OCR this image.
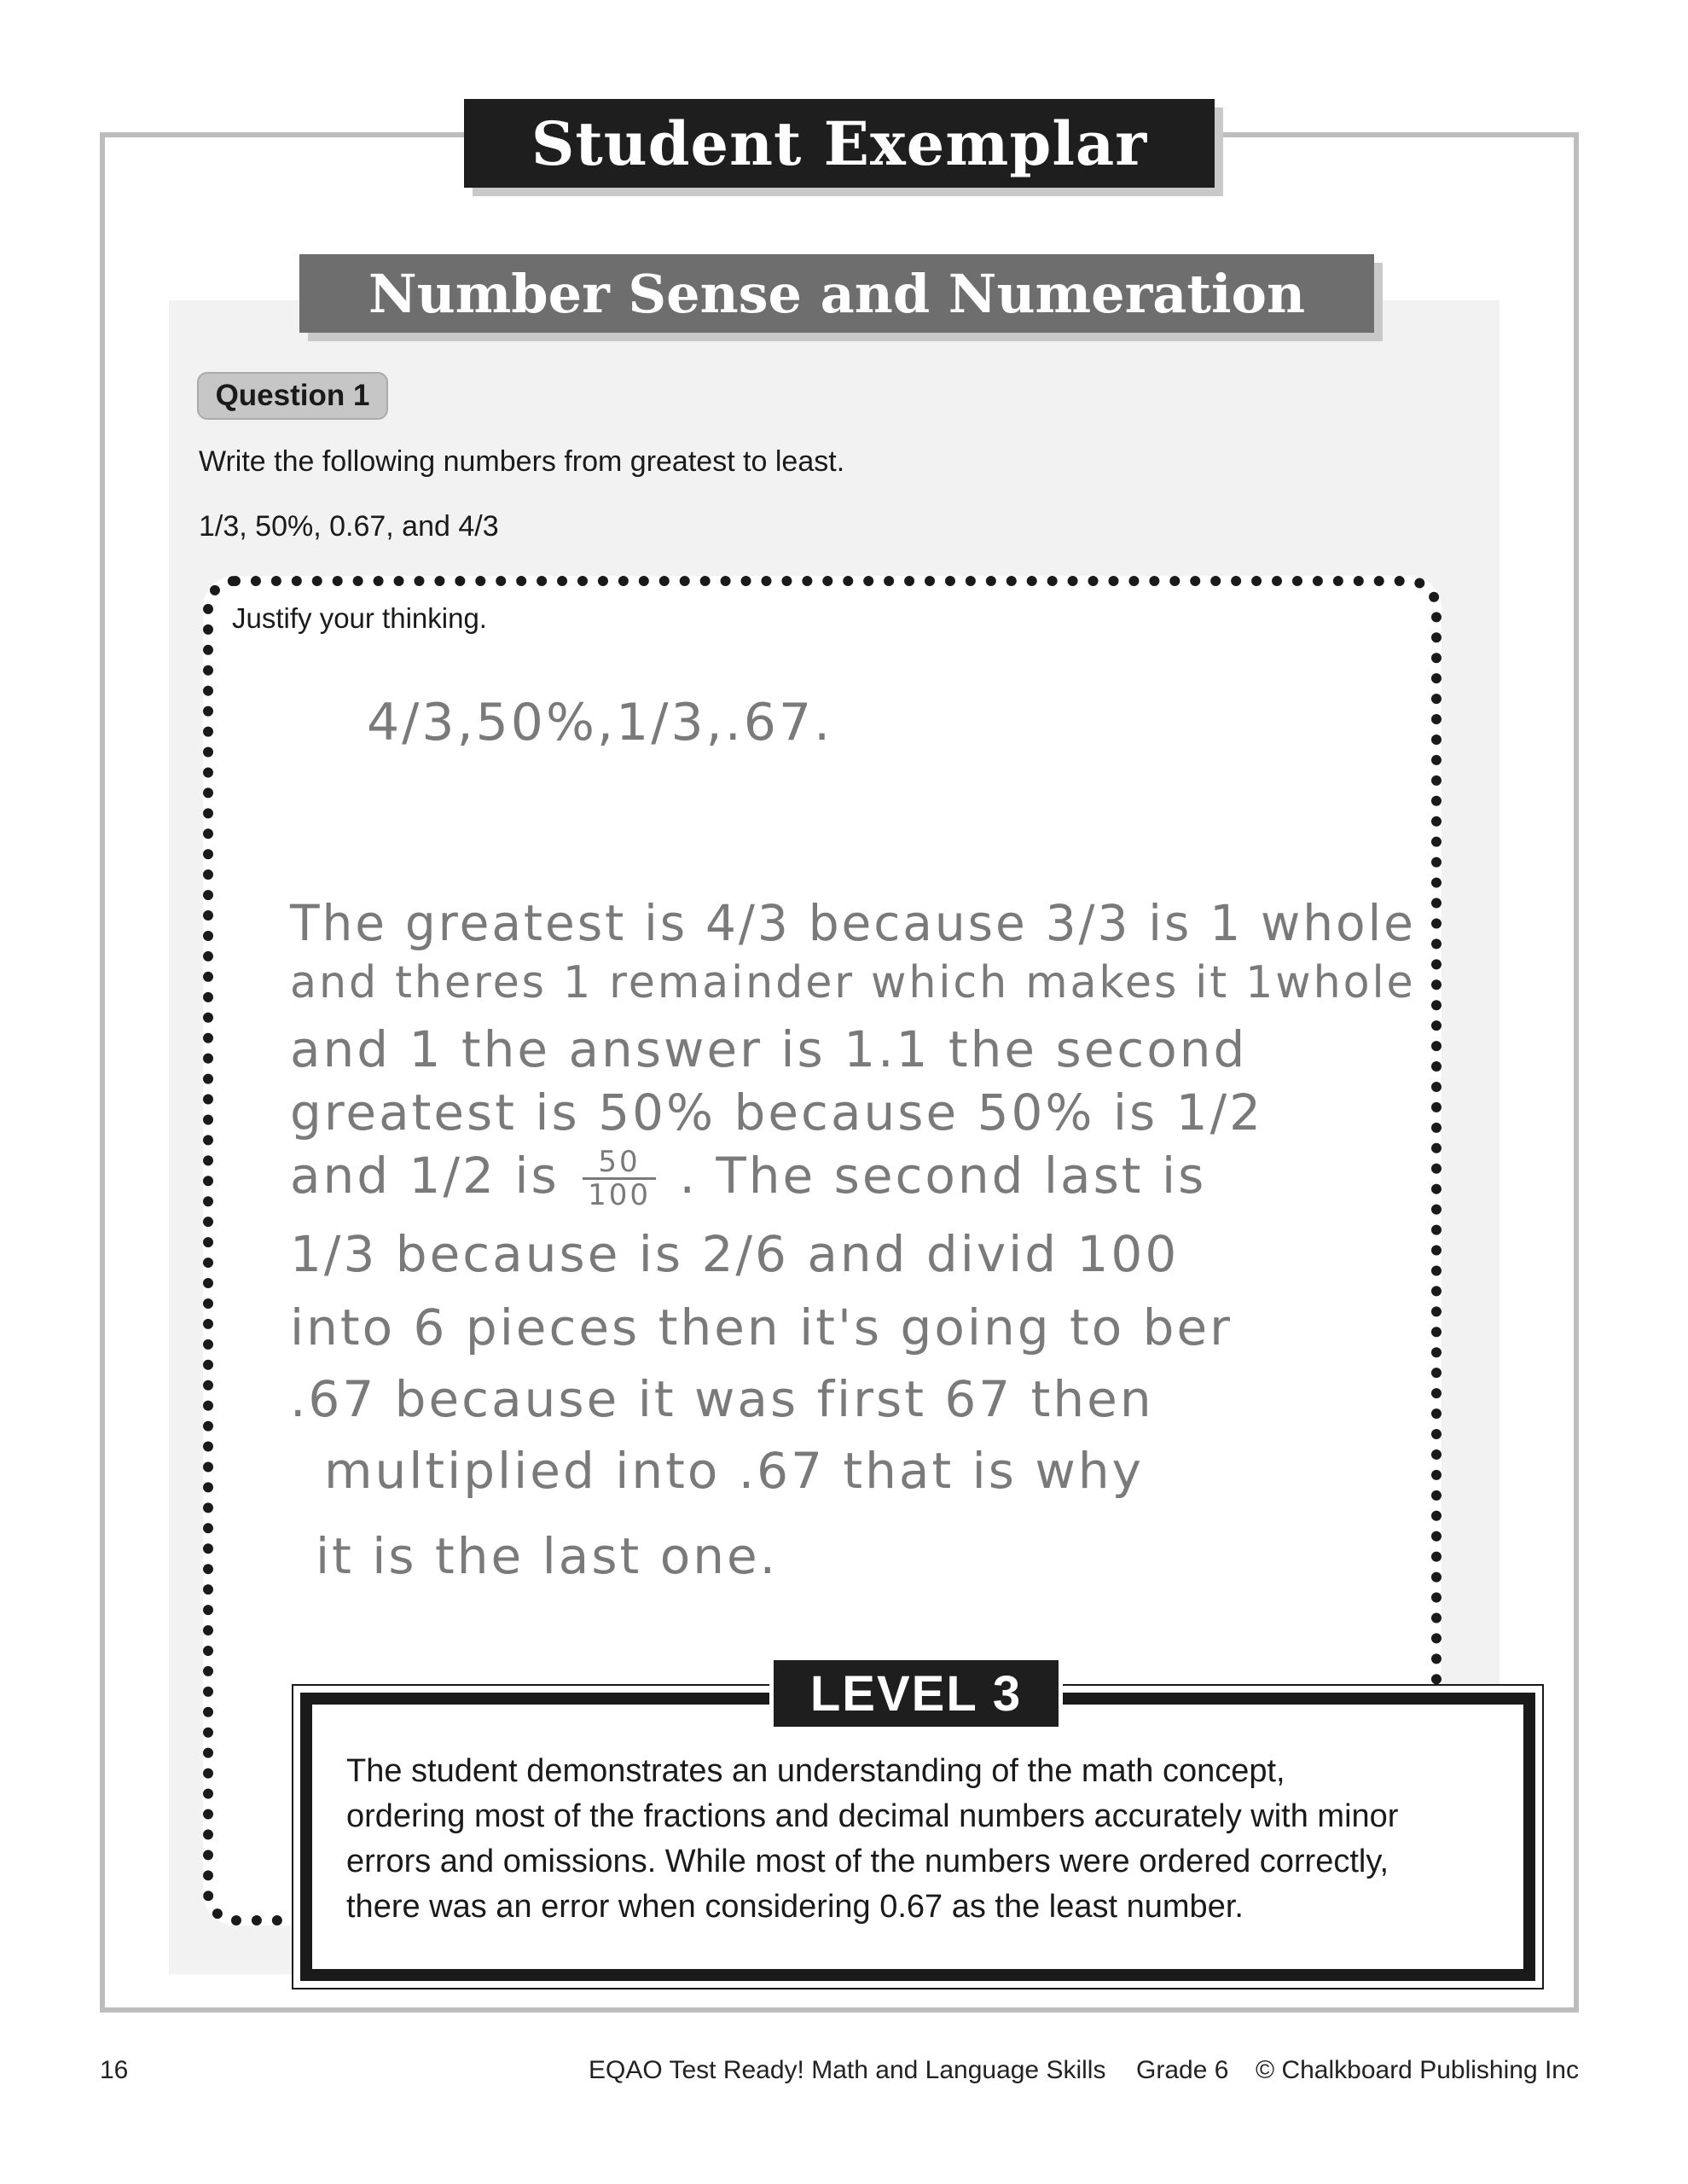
Student Exemplar
Number Sense and Numeration
Question 1
Write the following numbers from greatest to least.
1/3, 50%, 0.67, and 4/3
Justify your thinking.
4/3,50%,1/3,.67.
The greatest is 4/3 because 3/3 is 1 whole
and theres 1 remainder which makes it 1whole
and 1 the answer is 1.1 the second
greatest is 50% because 50% is 1/2
and 1/2 is $\frac{50}{100}$ . The second last is
1/3 because is 2/6 and divid 100
into 6 pieces then it's going to ber
.67 because it was first 67 then
multiplied into .67 that is why
it is the last one.
LEVEL 3
The student demonstrates an understanding of the math concept,
ordering most of the fractions and decimal numbers accurately with minor
errors and omissions. While most of the numbers were ordered correctly,
there was an error when considering 0.67 as the least number.
16	EQAO Test Ready! Math and Language Skills Grade 6 © Chalkboard Publishing Inc
